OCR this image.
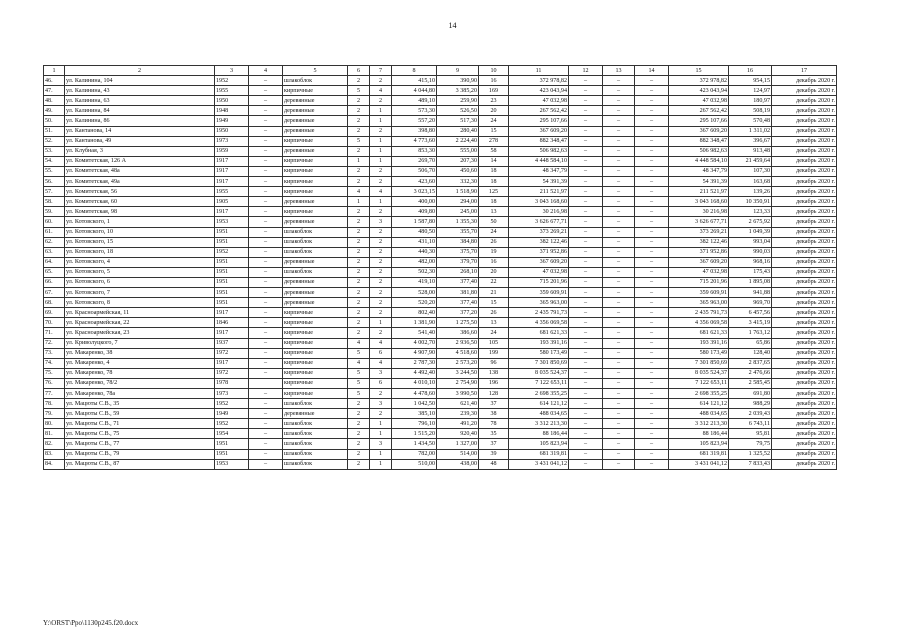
14
1	2	3	4	5	6	7	8	9	10	11	12	13	14	15	16	17
46.	ул. Калинина, 104	1952	–	шлакоблок	2	2	415,10	390,90	16	372 978,82	–	–	–	372 978,82	954,15	декабрь 2020 г.
47.	ул. Калинина, 43	1955	–	кирпичные	5	4	4 044,80	3 385,20	169	423 043,94	–	–	–	423 043,94	124,97	декабрь 2020 г.
48.	ул. Калинина, 63	1950	–	деревянные	2	2	489,10	259,90	23	47 032,98	–	–	–	47 032,98	180,97	декабрь 2020 г.
49.	ул. Калинина, 84	1948	–	деревянные	2	1	573,30	526,50	20	267 562,42	–	–	–	267 562,42	508,19	декабрь 2020 г.
50.	ул. Калинина, 86	1949	–	деревянные	2	1	557,20	517,30	24	295 107,66	–	–	–	295 107,66	570,48	декабрь 2020 г.
51.	ул. Кантанова, 14	1950	–	деревянные	2	2	398,80	280,40	15	367 609,20	–	–	–	367 609,20	1 311,02	декабрь 2020 г.
52.	ул. Кантанова, 49	1973	–	кирпичные	5	1	4 773,60	2 224,40	278	882 348,47	–	–	–	882 348,47	396,67	декабрь 2020 г.
53.	ул. Клубная, 3	1959	–	деревянные	2	1	853,30	555,00	58	506 982,63	–	–	–	506 982,63	913,48	декабрь 2020 г.
54.	ул. Комитетская, 126 А	1917	–	кирпичные	1	1	269,70	207,30	14	4 448 584,10	–	–	–	4 448 584,10	21 459,64	декабрь 2020 г.
55.	ул. Комитетская, 48а	1917	–	кирпичные	2	2	506,70	450,60	18	48 347,79	–	–	–	48 347,79	107,30	декабрь 2020 г.
56.	ул. Комитетская, 49а	1917	–	кирпичные	2	2	423,60	332,30	18	54 391,39	–	–	–	54 391,39	163,68	декабрь 2020 г.
57.	ул. Комитетская, 56	1955	–	кирпичные	4	4	3 023,15	1 518,90	125	211 521,97	–	–	–	211 521,97	139,26	декабрь 2020 г.
58.	ул. Комитетская, 60	1905	–	деревянные	1	1	400,00	294,00	18	3 043 168,60	–	–	–	3 043 168,60	10 350,91	декабрь 2020 г.
59.	ул. Комитетская, 98	1917	–	кирпичные	2	2	409,80	245,00	13	30 216,98	–	–	–	30 216,98	123,33	декабрь 2020 г.
60.	ул. Котовского, 1	1953	–	деревянные	2	3	1 587,80	1 355,30	50	3 626 677,71	–	–	–	3 626 677,71	2 675,92	декабрь 2020 г.
61.	ул. Котовского, 10	1951	–	шлакоблок	2	2	480,50	355,70	24	373 269,21	–	–	–	373 269,21	1 049,39	декабрь 2020 г.
62.	ул. Котовского, 15	1951	–	шлакоблок	2	2	431,10	384,80	26	382 122,46	–	–	–	382 122,46	993,04	декабрь 2020 г.
63.	ул. Котовского, 18	1952	–	шлакоблок	2	2	440,30	375,70	19	371 952,86	–	–	–	371 952,86	990,03	декабрь 2020 г.
64.	ул. Котовского, 4	1951	–	деревянные	2	2	482,00	379,70	16	367 609,20	–	–	–	367 609,20	968,16	декабрь 2020 г.
65.	ул. Котовского, 5	1951	–	шлакоблок	2	2	502,30	268,10	20	47 032,98	–	–	–	47 032,98	175,43	декабрь 2020 г.
66.	ул. Котовского, 6	1951	–	деревянные	2	2	419,10	377,40	22	715 201,96	–	–	–	715 201,96	1 895,08	декабрь 2020 г.
67.	ул. Котовского, 7	1951	–	деревянные	2	2	528,00	381,80	21	359 609,91	–	–	–	359 609,91	941,88	декабрь 2020 г.
68.	ул. Котовского, 8	1951	–	деревянные	2	2	520,20	377,40	15	365 963,00	–	–	–	365 963,00	969,70	декабрь 2020 г.
69.	ул. Красноармейская, 11	1917	–	кирпичные	2	2	802,40	377,20	26	2 435 791,73	–	–	–	2 435 791,73	6 457,56	декабрь 2020 г.
70.	ул. Красноармейская, 22	1846	–	кирпичные	2	1	1 381,90	1 275,50	13	4 356 069,58	–	–	–	4 356 069,58	3 415,19	декабрь 2020 г.
71.	ул. Красноармейская, 23	1917	–	кирпичные	2	2	541,40	386,60	24	681 621,33	–	–	–	681 621,33	1 763,12	декабрь 2020 г.
72.	ул. Криволуцкого, 7	1937	–	кирпичные	4	4	4 002,70	2 936,50	105	193 391,16	–	–	–	193 391,16	65,86	декабрь 2020 г.
73.	ул. Макаренко, 38	1972	–	кирпичные	5	6	4 907,90	4 518,60	199	580 173,49	–	–	–	580 173,49	128,40	декабрь 2020 г.
74.	ул. Макаренко, 4	1917	–	кирпичные	4	4	2 787,30	2 573,20	96	7 301 850,69	–	–	–	7 301 850,69	2 837,65	декабрь 2020 г.
75.	ул. Макаренко, 78	1972	–	кирпичные	5	3	4 492,40	3 244,50	138	8 035 524,37	–	–	–	8 035 524,37	2 476,66	декабрь 2020 г.
76.	ул. Макаренко, 78/2	1978		кирпичные	5	6	4 010,10	2 754,90	196	7 122 653,11	–	–	–	7 122 653,11	2 585,45	декабрь 2020 г.
77.	ул. Макаренко, 78а	1973	–	кирпичные	5	2	4 478,60	3 990,50	128	2 698 355,25	–	–	–	2 698 355,25	691,80	декабрь 2020 г.
78.	ул. Мацюты С.В., 35	1952	–	шлакоблок	2	3	1 042,50	621,40	37	614 121,12	–	–	–	614 121,12	988,29	декабрь 2020 г.
79.	ул. Мацюты С.В., 59	1949	–	деревянные	2	2	385,10	239,30	38	488 034,65	–	–	–	488 034,65	2 039,43	декабрь 2020 г.
80.	ул. Мацюты С.В., 71	1952	–	шлакоблок	2	1	796,10	491,20	78	3 312 213,30	–	–	–	3 312 213,30	6 743,11	декабрь 2020 г.
81.	ул. Мацюты С.В., 75	1954	–	шлакоблок	2	1	1 515,20	920,40	35	88 186,44	–	–	–	88 186,44	95,81	декабрь 2020 г.
82.	ул. Мацюты С.В., 77	1951	–	шлакоблок	2	3	1 434,50	1 327,00	37	105 823,94	–	–	–	105 823,94	79,75	декабрь 2020 г.
83.	ул. Мацюты С.В., 79	1951	–	шлакоблок	2	1	782,00	514,00	39	681 319,81	–	–	–	681 319,81	1 325,52	декабрь 2020 г.
84.	ул. Мацюты С.В., 87	1953	–	шлакоблок	2	1	510,00	438,00	48	3 431 041,12	–	–	–	3 431 041,12	7 833,43	декабрь 2020 г.
Y:\ORST\Ppo\1130p245.f20.docx
